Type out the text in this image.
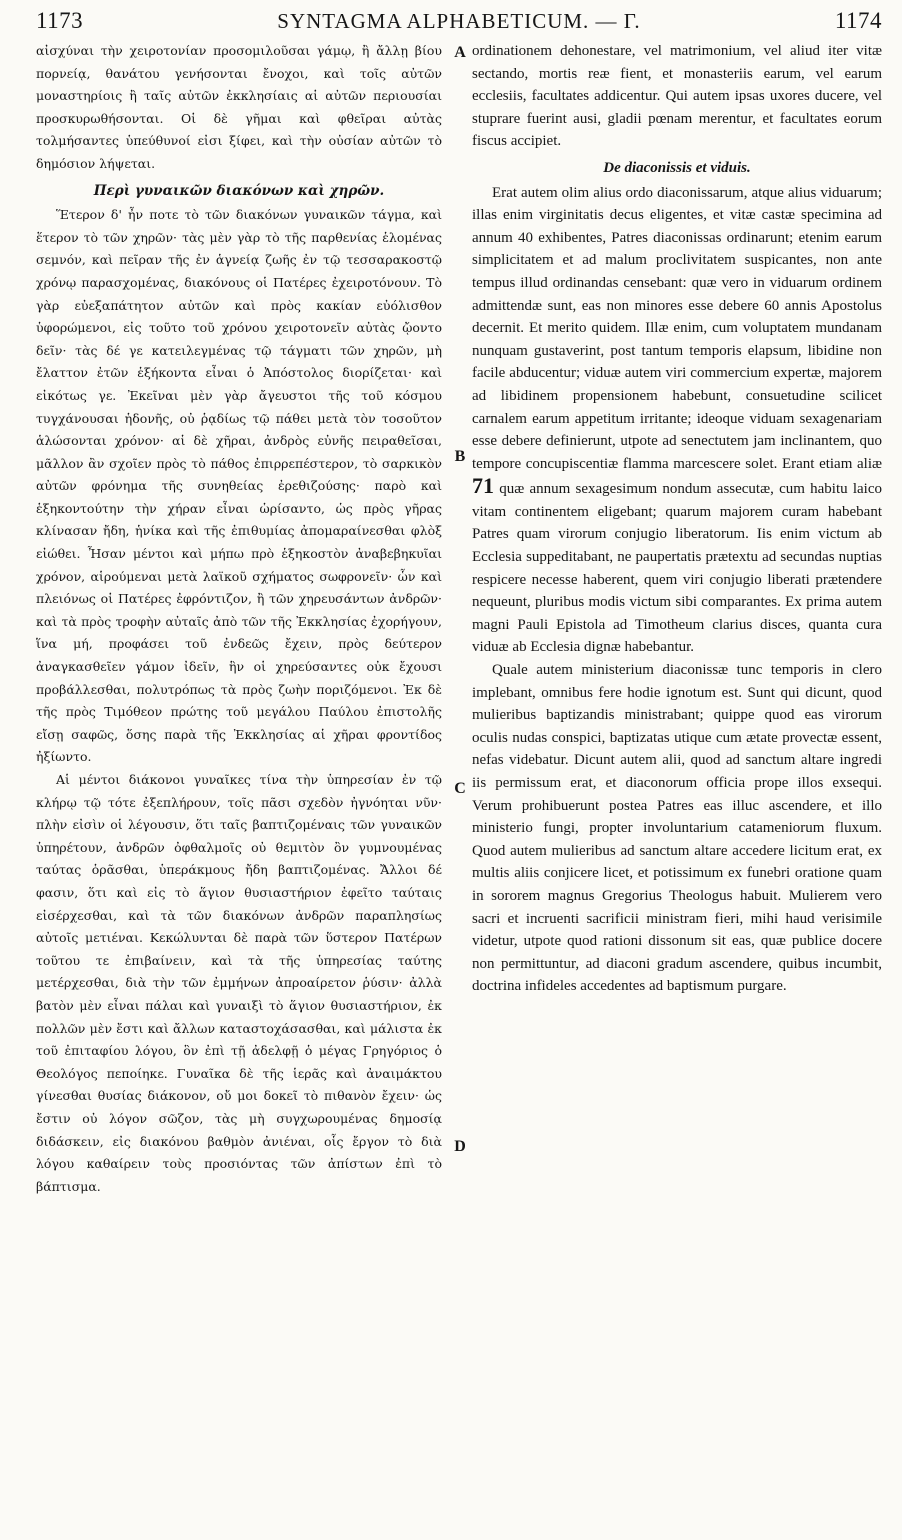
1173	SYNTAGMA ALPHABETICUM. — Γ.	1174
A
B
C
D

αἰσχύναι τὴν χειροτονίαν προσομιλοῦσαι γάμῳ, ἢ ἄλλῃ βίου πορνείᾳ, θανάτου γενήσονται ἔνοχοι, καὶ τοῖς αὐτῶν μοναστηρίοις ἢ ταῖς αὐτῶν ἐκκλησίαις αἱ αὐτῶν περιουσίαι προσκυρωθήσονται. Οἱ δὲ γῆμαι καὶ φθεῖραι αὐτὰς τολμήσαντες ὑπεύθυνοί εἰσι ξίφει, καὶ τὴν οὐσίαν αὐτῶν τὸ δημόσιον λήψεται.

Περὶ γυναικῶν διακόνων καὶ χηρῶν.

Ἕτερον δ' ἦν ποτε τὸ τῶν διακόνων γυναικῶν τάγμα, καὶ ἕτερον τὸ τῶν χηρῶν· τὰς μὲν γὰρ τὸ τῆς παρθενίας ἑλομένας σεμνόν, καὶ πεῖραν τῆς ἐν ἁγνείᾳ ζωῆς ἐν τῷ τεσσαρακοστῷ χρόνῳ παρασχομένας, διακόνους οἱ Πατέρες ἐχειροτόνουν. Τὸ γὰρ εὐεξαπάτητον αὐτῶν καὶ πρὸς κακίαν εὐόλισθον ὑφορώμενοι, εἰς τοῦτο τοῦ χρόνου χειροτονεῖν αὐτὰς ᾤοντο δεῖν· τὰς δέ γε κατειλεγμένας τῷ τάγματι τῶν χηρῶν, μὴ ἔλαττον ἐτῶν ἑξήκοντα εἶναι ὁ Ἀπόστολος διορίζεται· καὶ εἰκότως γε. Ἐκεῖναι μὲν γὰρ ἄγευστοι τῆς τοῦ κόσμου τυγχάνουσαι ἡδονῆς, οὐ ῥᾳδίως τῷ πάθει μετὰ τὸν τοσοῦτον ἁλώσονται χρόνον· αἱ δὲ χῆραι, ἀνδρὸς εὐνῆς πειραθεῖσαι, μᾶλλον ἂν σχοῖεν πρὸς τὸ πάθος ἐπιρρεπέστερον, τὸ σαρκικὸν αὐτῶν φρόνημα τῆς συνηθείας ἐρεθιζούσης· παρὸ καὶ ἑξηκοντούτην τὴν χήραν εἶναι ὡρίσαντο, ὡς πρὸς γῆρας κλίνασαν ἤδη, ἡνίκα καὶ τῆς ἐπιθυμίας ἀπομαραίνεσθαι φλὸξ εἰώθει. Ἦσαν μέντοι καὶ μήπω πρὸ ἑξηκοστὸν ἀναβεβηκυῖαι χρόνον, αἱρούμεναι μετὰ λαϊκοῦ σχήματος σωφρονεῖν· ὧν καὶ πλειόνως οἱ Πατέρες ἐφρόντιζον, ἢ τῶν χηρευσάντων ἀνδρῶν· καὶ τὰ πρὸς τροφὴν αὐταῖς ἀπὸ τῶν τῆς Ἐκκλησίας ἐχορήγουν, ἵνα μή, προφάσει τοῦ ἐνδεῶς ἔχειν, πρὸς δεύτερον ἀναγκασθεῖεν γάμον ἰδεῖν, ἣν οἱ χηρεύσαντες οὐκ ἔχουσι προβάλλεσθαι, πολυτρόπως τὰ πρὸς ζωὴν ποριζόμενοι. Ἐκ δὲ τῆς πρὸς Τιμόθεον πρώτης τοῦ μεγάλου Παύλου ἐπιστολῆς εἴσῃ σαφῶς, ὅσης παρὰ τῆς Ἐκκλησίας αἱ χῆραι φροντίδος ἠξίωντο.

Αἱ μέντοι διάκονοι γυναῖκες τίνα τὴν ὑπηρεσίαν ἐν τῷ κλήρῳ τῷ τότε ἐξεπλήρουν, τοῖς πᾶσι σχεδὸν ἠγνόηται νῦν· πλὴν εἰσὶν οἱ λέγουσιν, ὅτι ταῖς βαπτιζομέναις τῶν γυναικῶν ὑπηρέτουν, ἀνδρῶν ὀφθαλμοῖς οὐ θεμιτὸν ὂν γυμνουμένας ταύτας ὁρᾶσθαι, ὑπεράκμους ἤδη βαπτιζομένας. Ἄλλοι δέ φασιν, ὅτι καὶ εἰς τὸ ἅγιον θυσιαστήριον ἐφεῖτο ταύταις εἰσέρχεσθαι, καὶ τὰ τῶν διακόνων ἀνδρῶν παραπλησίως αὐτοῖς μετιέναι. Κεκώλυνται δὲ παρὰ τῶν ὕστερον Πατέρων τοῦτου τε ἐπιβαίνειν, καὶ τὰ τῆς ὑπηρεσίας ταύτης μετέρχεσθαι, διὰ τὴν τῶν ἐμμήνων ἀπροαίρετον ῥύσιν· ἀλλὰ βατὸν μὲν εἶναι πάλαι καὶ γυναιξὶ τὸ ἅγιον θυσιαστήριον, ἐκ πολλῶν μὲν ἔστι καὶ ἄλλων καταστοχάσασθαι, καὶ μάλιστα ἐκ τοῦ ἐπιταφίου λόγου, ὃν ἐπὶ τῇ ἀδελφῇ ὁ μέγας Γρηγόριος ὁ Θεολόγος πεποίηκε. Γυναῖκα δὲ τῆς ἱερᾶς καὶ ἀναιμάκτου γίνεσθαι θυσίας διάκονον, οὔ μοι δοκεῖ τὸ πιθανὸν ἔχειν· ὡς ἔστιν οὐ λόγον σῶζον, τὰς μὴ συγχωρουμένας δημοσίᾳ διδάσκειν, εἰς διακόνου βαθμὸν ἀνιέναι, οἷς ἔργον τὸ διὰ λόγου καθαίρειν τοὺς προσιόντας τῶν ἀπίστων ἐπὶ τὸ βάπτισμα.

ordinationem dehonestare, vel matrimonium, vel aliud iter vitæ sectando, mortis reæ fient, et monasteriis earum, vel earum ecclesiis, facultates addicentur. Qui autem ipsas uxores ducere, vel stuprare fuerint ausi, gladii pœnam merentur, et facultates eorum fiscus accipiet.

De diaconissis et viduis.

Erat autem olim alius ordo diaconissarum, atque alius viduarum; illas enim virginitatis decus eligentes, et vitæ castæ specimina ad annum 40 exhibentes, Patres diaconissas ordinarunt; etenim earum simplicitatem et ad malum proclivitatem suspicantes, non ante tempus illud ordinandas censebant: quæ vero in viduarum ordinem admittendæ sunt, eas non minores esse debere 60 annis Apostolus decernit. Et merito quidem. Illæ enim, cum voluptatem mundanam nunquam gustaverint, post tantum temporis elapsum, libidine non facile abducentur; viduæ autem viri commercium expertæ, majorem ad libidinem propensionem habebunt, consuetudine scilicet carnalem earum appetitum irritante; ideoque viduam sexagenariam esse debere definierunt, utpote ad senectutem jam inclinantem, quo tempore concupiscentiæ flamma marcescere solet. Erant etiam aliæ 71 quæ annum sexagesimum nondum assecutæ, cum habitu laico vitam continentem eligebant; quarum majorem curam habebant Patres quam virorum conjugio liberatorum. Iis enim victum ab Ecclesia suppeditabant, ne paupertatis prætextu ad secundas nuptias respicere necesse haberent, quem viri conjugio liberati prætendere nequeunt, pluribus modis victum sibi comparantes. Ex prima autem magni Pauli Epistola ad Timotheum clarius disces, quanta cura viduæ ab Ecclesia dignæ habebantur.

Quale autem ministerium diaconissæ tunc temporis in clero implebant, omnibus fere hodie ignotum est. Sunt qui dicunt, quod mulieribus baptizandis ministrabant; quippe quod eas virorum oculis nudas conspici, baptizatas utique cum ætate provectæ essent, nefas videbatur. Dicunt autem alii, quod ad sanctum altare ingredi iis permissum erat, et diaconorum officia prope illos exsequi. Verum prohibuerunt postea Patres eas illuc ascendere, et illo ministerio fungi, propter involuntarium catameniorum fluxum. Quod autem mulieribus ad sanctum altare accedere licitum erat, ex multis aliis conjicere licet, et potissimum ex funebri oratione quam in sororem magnus Gregorius Theologus habuit. Mulierem vero sacri et incruenti sacrificii ministram fieri, mihi haud verisimile videtur, utpote quod rationi dissonum sit eas, quæ publice docere non permittuntur, ad diaconi gradum ascendere, quibus incumbit, doctrina infideles accedentes ad baptismum purgare.
